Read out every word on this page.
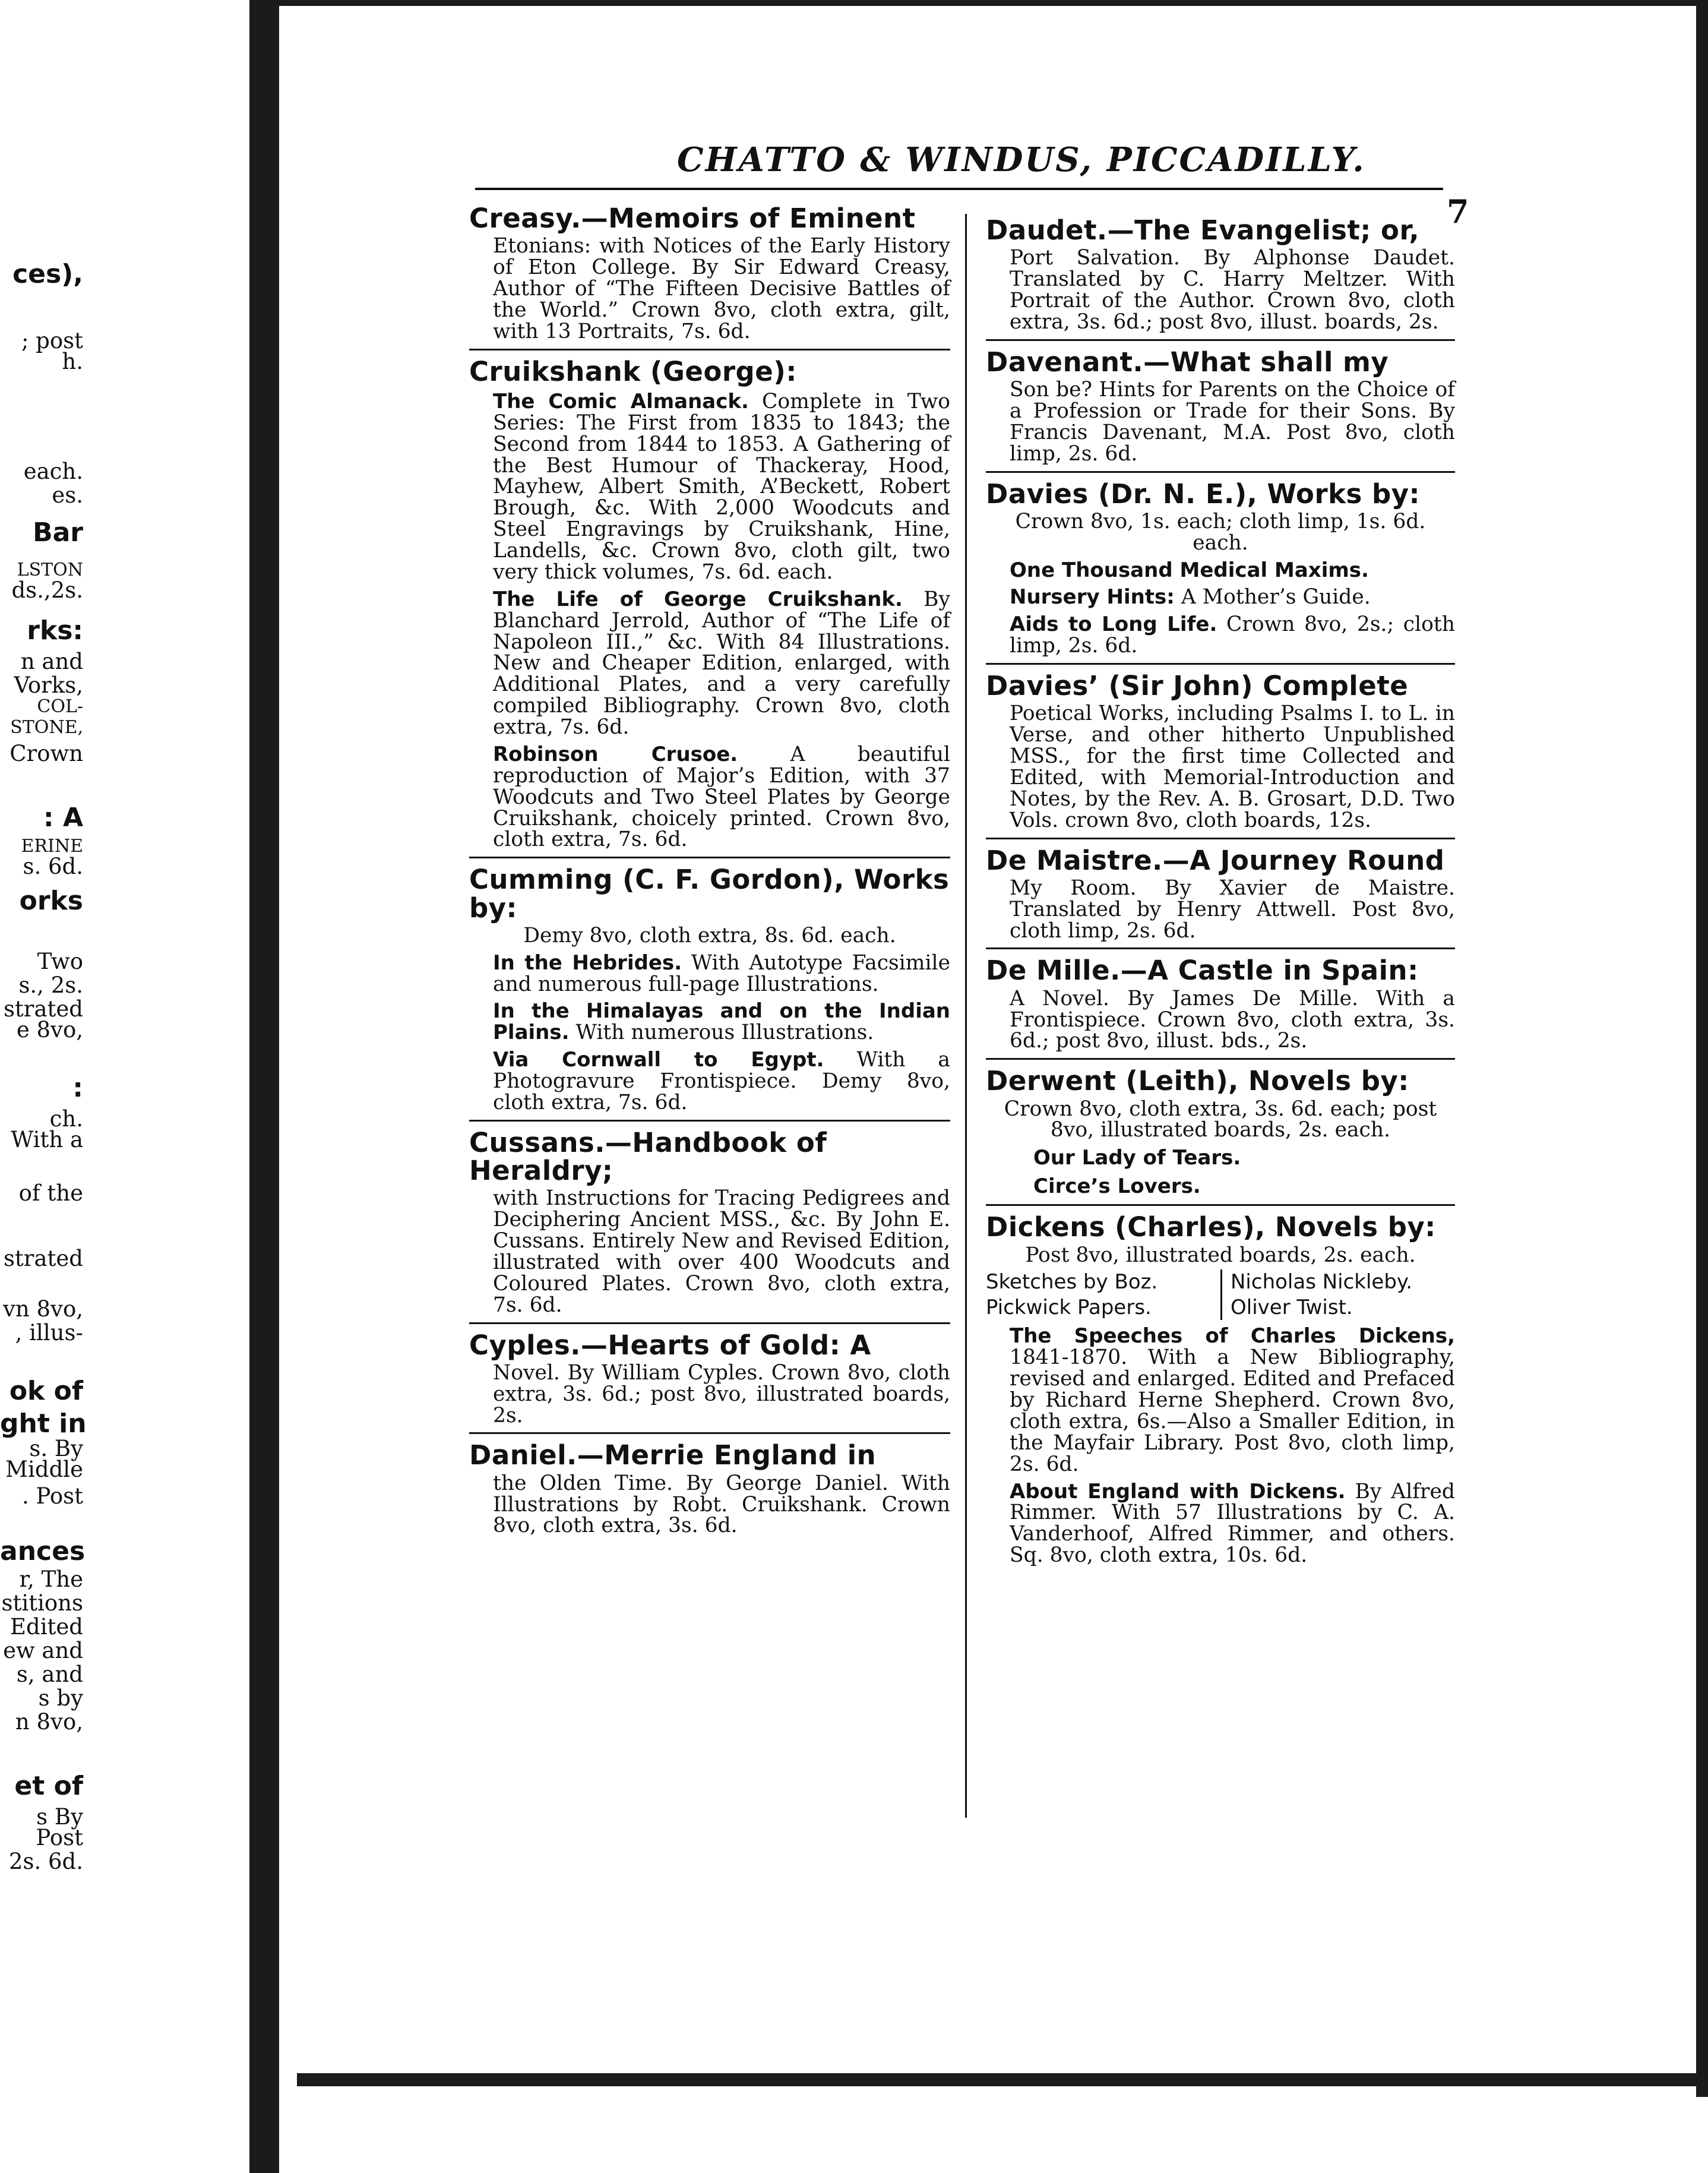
ces),
; post
h.
each.
es.
Bar
LSTON
ds.,2s.
rks:
n and
Vorks,
COL-
STONE,
Crown
: A
ERINE
s. 6d.
orks
Two
s., 2s.
strated
e 8vo,
:
ch.
With a
of the
strated
vn 8vo,
, illus-
ok of
ght in
s. By
Middle
. Post
ances
r, The
stitions
Edited
ew and
s, and
s by
n 8vo,
et of
s By
Post
2s. 6d.
CHATTO & WINDUS, PICCADILLY.
7
Creasy.—Memoirs of Eminent
Etonians: with Notices of the Early History of Eton College. By Sir Edward Creasy, Author of “The Fifteen Decisive Battles of the World.” Crown 8vo, cloth extra, gilt, with 13 Portraits, 7s. 6d.
Cruikshank (George):
The Comic Almanack. Complete in Two Series: The First from 1835 to 1843; the Second from 1844 to 1853. A Gathering of the Best Humour of Thackeray, Hood, Mayhew, Albert Smith, A’Beckett, Robert Brough, &c. With 2,000 Woodcuts and Steel Engravings by Cruikshank, Hine, Landells, &c. Crown 8vo, cloth gilt, two very thick volumes, 7s. 6d. each.
The Life of George Cruikshank. By Blanchard Jerrold, Author of “The Life of Napoleon III.,” &c. With 84 Illustrations. New and Cheaper Edition, enlarged, with Additional Plates, and a very carefully compiled Bibliography. Crown 8vo, cloth extra, 7s. 6d.
Robinson Crusoe.	A beautiful reproduction of Major’s Edition, with 37 Woodcuts and Two Steel Plates by George Cruikshank, choicely printed. Crown 8vo, cloth extra, 7s. 6d.
Cumming (C. F. Gordon), Works by:
Demy 8vo, cloth extra, 8s. 6d. each.
In the Hebrides. With Autotype Facsimile and numerous full-page Illustrations.
In the Himalayas and on the Indian Plains. With numerous Illustrations.
Via Cornwall to Egypt. With a Photogravure Frontispiece. Demy 8vo, cloth extra, 7s. 6d.
Cussans.—Handbook of Heraldry;
with Instructions for Tracing Pedigrees and Deciphering Ancient MSS., &c. By John E. Cussans. Entirely New and Revised Edition, illustrated with over 400 Woodcuts and Coloured Plates. Crown 8vo, cloth extra, 7s. 6d.
Cyples.—Hearts of Gold: A
Novel. By William Cyples. Crown 8vo, cloth extra, 3s. 6d.; post 8vo, illustrated boards, 2s.
Daniel.—Merrie England in
the Olden Time. By George Daniel. With Illustrations by Robt. Cruikshank. Crown 8vo, cloth extra, 3s. 6d.
Daudet.—The Evangelist; or,
Port Salvation. By Alphonse Daudet. Translated by C. Harry Meltzer. With Portrait of the Author. Crown 8vo, cloth extra, 3s. 6d.; post 8vo, illust. boards, 2s.
Davenant.—What shall my
Son be? Hints for Parents on the Choice of a Profession or Trade for their Sons. By Francis Davenant, M.A. Post 8vo, cloth limp, 2s. 6d.
Davies (Dr. N. E.), Works by:
Crown 8vo, 1s. each; cloth limp, 1s. 6d. each.
One Thousand Medical Maxims.
Nursery Hints: A Mother’s Guide.
Aids to Long Life. Crown 8vo, 2s.; cloth limp, 2s. 6d.
Davies’ (Sir John) Complete
Poetical Works, including Psalms I. to L. in Verse, and other hitherto Unpublished MSS., for the first time Collected and Edited, with Memorial-Introduction and Notes, by the Rev. A. B. Grosart, D.D. Two Vols. crown 8vo, cloth boards, 12s.
De Maistre.—A Journey Round
My Room. By Xavier de Maistre. Translated by Henry Attwell. Post 8vo, cloth limp, 2s. 6d.
De Mille.—A Castle in Spain:
A Novel. By James De Mille. With a Frontispiece. Crown 8vo, cloth extra, 3s. 6d.; post 8vo, illust. bds., 2s.
Derwent (Leith), Novels by:
Crown 8vo, cloth extra, 3s. 6d. each; post 8vo, illustrated boards, 2s. each.
Our Lady of Tears.
Circe’s Lovers.
Dickens (Charles), Novels by:
Post 8vo, illustrated boards, 2s. each.
Sketches by Boz.	Nicholas Nickleby.
Pickwick Papers.	Oliver Twist.
The Speeches of Charles Dickens, 1841-1870. With a New Bibliography, revised and enlarged. Edited and Prefaced by Richard Herne Shepherd. Crown 8vo, cloth extra, 6s.—Also a Smaller Edition, in the Mayfair Library. Post 8vo, cloth limp, 2s. 6d.
About England with Dickens. By Alfred Rimmer. With 57 Illustrations by C. A. Vanderhoof, Alfred Rimmer, and others. Sq. 8vo, cloth extra, 10s. 6d.
